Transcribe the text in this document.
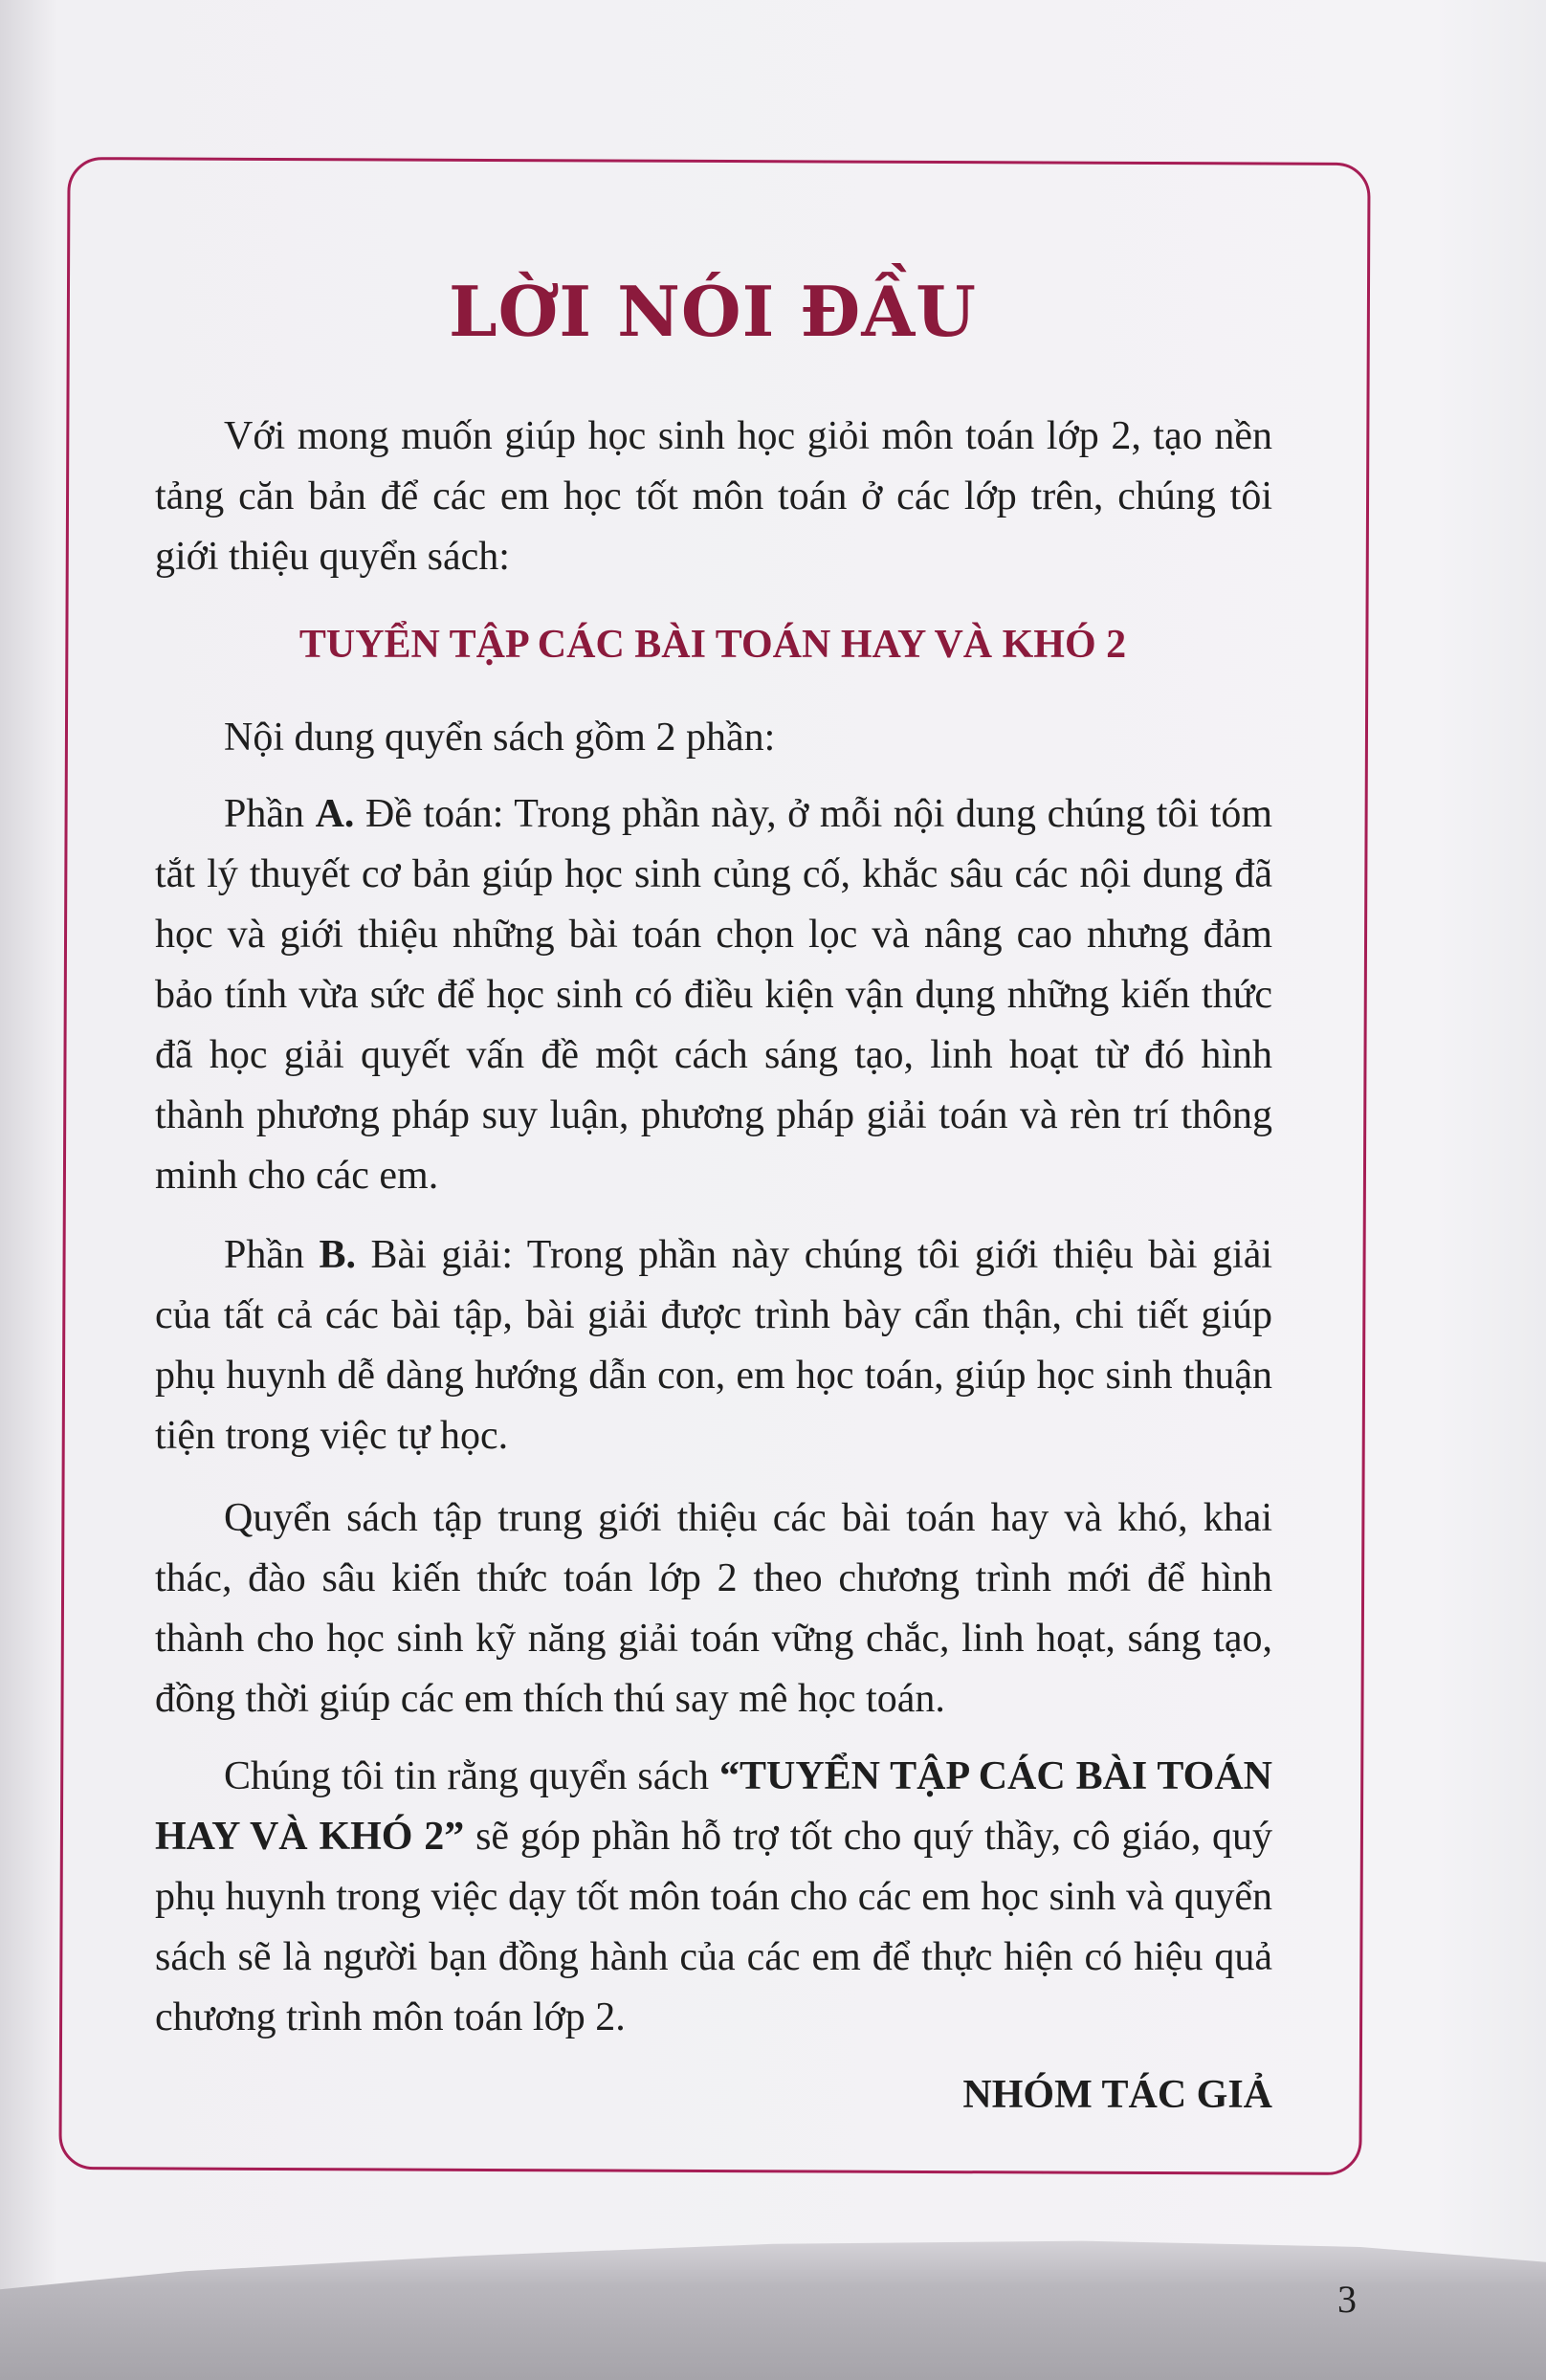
LỜI NÓI ĐẦU

Với mong muốn giúp học sinh học giỏi môn toán lớp 2, tạo nền tảng căn bản để các em học tốt môn toán ở các lớp trên, chúng tôi giới thiệu quyển sách:

TUYỂN TẬP CÁC BÀI TOÁN HAY VÀ KHÓ 2

Nội dung quyển sách gồm 2 phần:

Phần A. Đề toán: Trong phần này, ở mỗi nội dung chúng tôi tóm tắt lý thuyết cơ bản giúp học sinh củng cố, khắc sâu các nội dung đã học và giới thiệu những bài toán chọn lọc và nâng cao nhưng đảm bảo tính vừa sức để học sinh có điều kiện vận dụng những kiến thức đã học giải quyết vấn đề một cách sáng tạo, linh hoạt từ đó hình thành phương pháp suy luận, phương pháp giải toán và rèn trí thông minh cho các em.

Phần B. Bài giải: Trong phần này chúng tôi giới thiệu bài giải của tất cả các bài tập, bài giải được trình bày cẩn thận, chi tiết giúp phụ huynh dễ dàng hướng dẫn con, em học toán, giúp học sinh thuận tiện trong việc tự học.

Quyển sách tập trung giới thiệu các bài toán hay và khó, khai thác, đào sâu kiến thức toán lớp 2 theo chương trình mới để hình thành cho học sinh kỹ năng giải toán vững chắc, linh hoạt, sáng tạo, đồng thời giúp các em thích thú say mê học toán.

Chúng tôi tin rằng quyển sách “TUYỂN TẬP CÁC BÀI TOÁN HAY VÀ KHÓ 2” sẽ góp phần hỗ trợ tốt cho quý thầy, cô giáo, quý phụ huynh trong việc dạy tốt môn toán cho các em học sinh và quyển sách sẽ là người bạn đồng hành của các em để thực hiện có hiệu quả chương trình môn toán lớp 2.

NHÓM TÁC GIẢ

3
